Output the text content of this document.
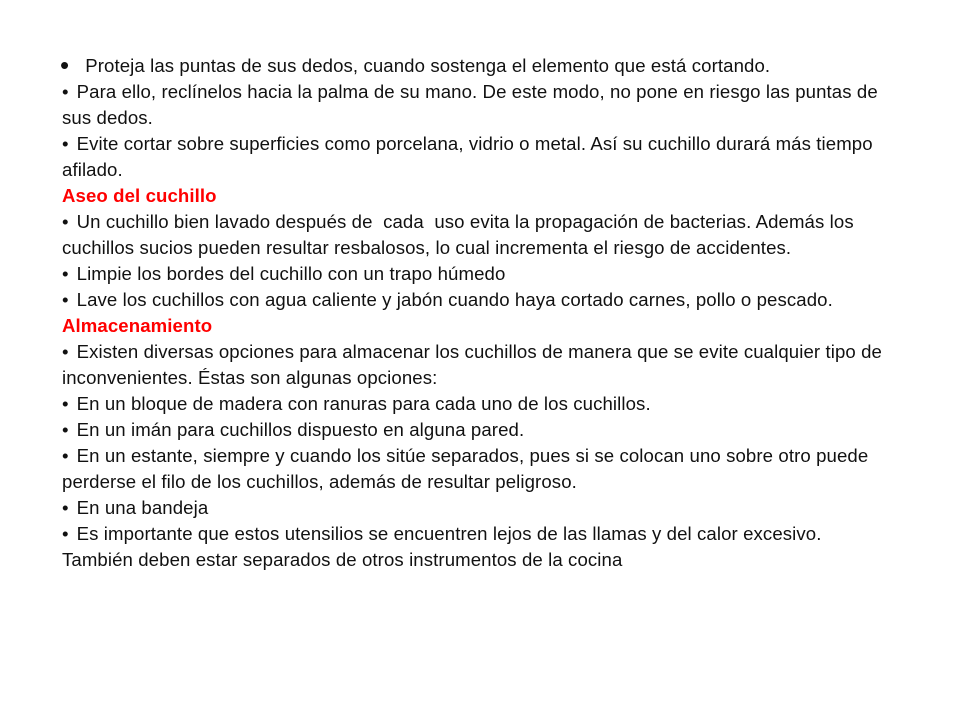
• Proteja las puntas de sus dedos, cuando sostenga el elemento que está cortando.

• Para ello, reclínelos hacia la palma de su mano. De este modo, no pone en riesgo las puntas de sus dedos.

• Evite cortar sobre superficies como porcelana, vidrio o metal. Así su cuchillo durará más tiempo afilado.

Aseo del cuchillo

• Un cuchillo bien lavado después de  cada  uso evita la propagación de bacterias. Además los cuchillos sucios pueden resultar resbalosos, lo cual incrementa el riesgo de accidentes.

• Limpie los bordes del cuchillo con un trapo húmedo

• Lave los cuchillos con agua caliente y jabón cuando haya cortado carnes, pollo o pescado.

Almacenamiento

• Existen diversas opciones para almacenar los cuchillos de manera que se evite cualquier tipo de inconvenientes. Éstas son algunas opciones:

• En un bloque de madera con ranuras para cada uno de los cuchillos.

• En un imán para cuchillos dispuesto en alguna pared.

• En un estante, siempre y cuando los sitúe separados, pues si se colocan uno sobre otro puede perderse el filo de los cuchillos, además de resultar peligroso.

• En una bandeja

• Es importante que estos utensilios se encuentren lejos de las llamas y del calor excesivo. También deben estar separados de otros instrumentos de la cocina
